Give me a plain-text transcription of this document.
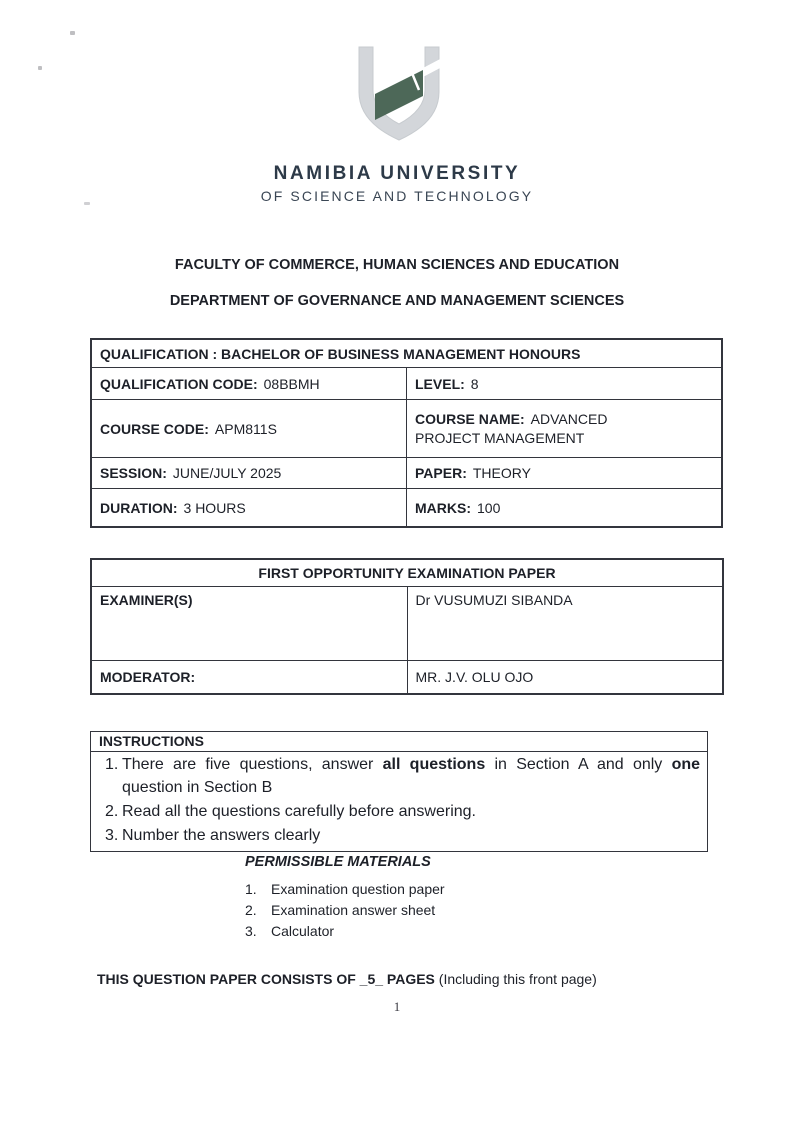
NAMIBIA UNIVERSITY
OF SCIENCE AND TECHNOLOGY
FACULTY OF COMMERCE, HUMAN SCIENCES AND EDUCATION
DEPARTMENT OF GOVERNANCE AND MANAGEMENT SCIENCES
QUALIFICATION : BACHELOR OF BUSINESS MANAGEMENT HONOURS	
QUALIFICATION CODE: 08BBMH	LEVEL: 8
COURSE CODE: APM811S	COURSE NAME: ADVANCED PROJECT MANAGEMENT
SESSION: JUNE/JULY 2025	PAPER: THEORY
DURATION: 3 HOURS	MARKS: 100
FIRST OPPORTUNITY EXAMINATION PAPER	
EXAMINER(S)	Dr VUSUMUZI SIBANDA
MODERATOR:	MR. J.V. OLU OJO
INSTRUCTIONS
1. There are five questions, answer all questions in Section A and only one question in Section B
2. Read all the questions carefully before answering.
3. Number the answers clearly
PERMISSIBLE MATERIALS
1.	Examination question paper
2.	Examination answer sheet
3.	Calculator
THIS QUESTION PAPER CONSISTS OF _5_ PAGES (Including this front page)
1
